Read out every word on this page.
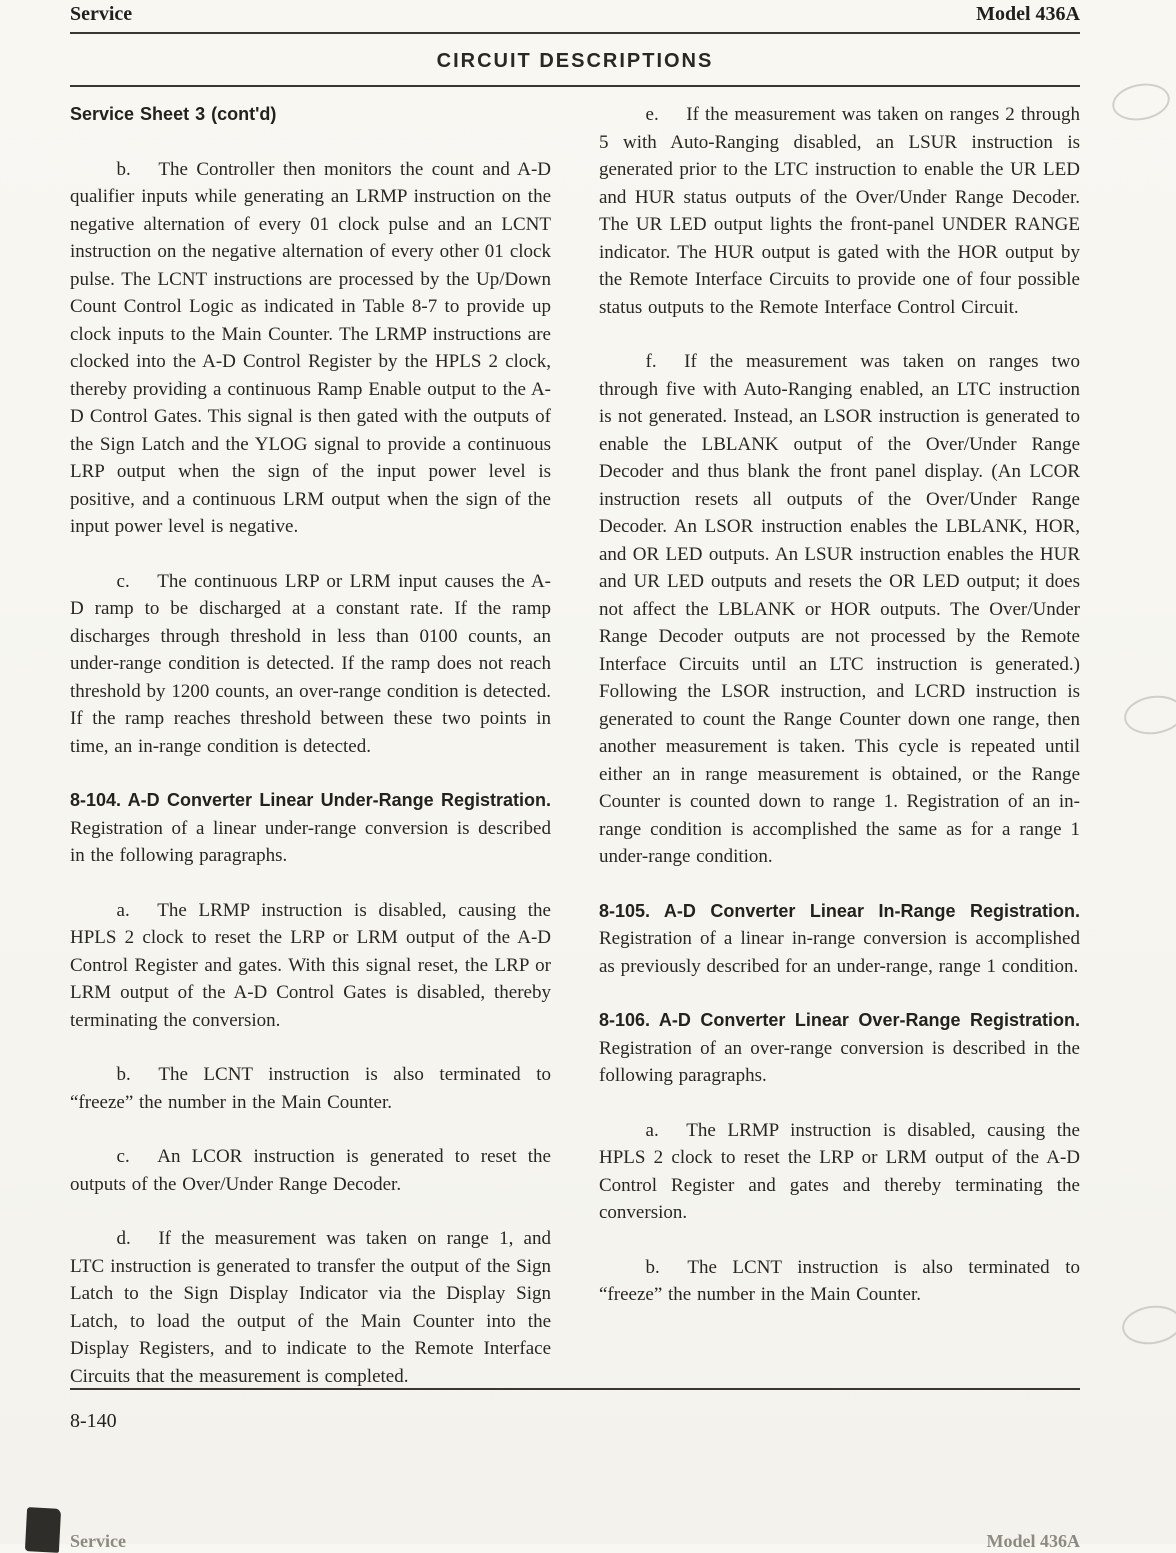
Service	Model 436A
CIRCUIT DESCRIPTIONS

Service Sheet 3 (cont'd)

b. The Controller then monitors the count and A-D qualifier inputs while generating an LRMP instruction on the negative alternation of every 01 clock pulse and an LCNT instruction on the negative alternation of every other 01 clock pulse. The LCNT instructions are processed by the Up/Down Count Control Logic as indicated in Table 8-7 to provide up clock inputs to the Main Counter. The LRMP instructions are clocked into the A-D Control Register by the HPLS 2 clock, thereby providing a continuous Ramp Enable output to the A-D Control Gates. This signal is then gated with the outputs of the Sign Latch and the YLOG signal to provide a continuous LRP output when the sign of the input power level is positive, and a continuous LRM output when the sign of the input power level is negative.

c. The continuous LRP or LRM input causes the A-D ramp to be discharged at a constant rate. If the ramp discharges through threshold in less than 0100 counts, an under-range condition is detected. If the ramp does not reach threshold by 1200 counts, an over-range condition is detected. If the ramp reaches threshold between these two points in time, an in-range condition is detected.

8-104. A-D Converter Linear Under-Range Registration. Registration of a linear under-range conversion is described in the following paragraphs.

a. The LRMP instruction is disabled, causing the HPLS 2 clock to reset the LRP or LRM output of the A-D Control Register and gates. With this signal reset, the LRP or LRM output of the A-D Control Gates is disabled, thereby terminating the conversion.

b. The LCNT instruction is also terminated to “freeze” the number in the Main Counter.

c. An LCOR instruction is generated to reset the outputs of the Over/Under Range Decoder.

d. If the measurement was taken on range 1, and LTC instruction is generated to transfer the output of the Sign Latch to the Sign Display Indicator via the Display Sign Latch, to load the output of the Main Counter into the Display Registers, and to indicate to the Remote Interface Circuits that the measurement is completed.

e. If the measurement was taken on ranges 2 through 5 with Auto-Ranging disabled, an LSUR instruction is generated prior to the LTC instruction to enable the UR LED and HUR status outputs of the Over/Under Range Decoder. The UR LED output lights the front-panel UNDER RANGE indicator. The HUR output is gated with the HOR output by the Remote Interface Circuits to provide one of four possible status outputs to the Remote Interface Control Circuit.

f. If the measurement was taken on ranges two through five with Auto-Ranging enabled, an LTC instruction is not generated. Instead, an LSOR instruction is generated to enable the LBLANK output of the Over/Under Range Decoder and thus blank the front panel display. (An LCOR instruction resets all outputs of the Over/Under Range Decoder. An LSOR instruction enables the LBLANK, HOR, and OR LED outputs. An LSUR instruction enables the HUR and UR LED outputs and resets the OR LED output; it does not affect the LBLANK or HOR outputs. The Over/Under Range Decoder outputs are not processed by the Remote Interface Circuits until an LTC instruction is generated.) Following the LSOR instruction, and LCRD instruction is generated to count the Range Counter down one range, then another measurement is taken. This cycle is repeated until either an in range measurement is obtained, or the Range Counter is counted down to range 1. Registration of an in-range condition is accomplished the same as for a range 1 under-range condition.

8-105. A-D Converter Linear In-Range Registration. Registration of a linear in-range conversion is accomplished as previously described for an under-range, range 1 condition.

8-106. A-D Converter Linear Over-Range Registration. Registration of an over-range conversion is described in the following paragraphs.

a. The LRMP instruction is disabled, causing the HPLS 2 clock to reset the LRP or LRM output of the A-D Control Register and gates and thereby terminating the conversion.

b. The LCNT instruction is also terminated to “freeze” the number in the Main Counter.

8-140
Service	Model 436A
